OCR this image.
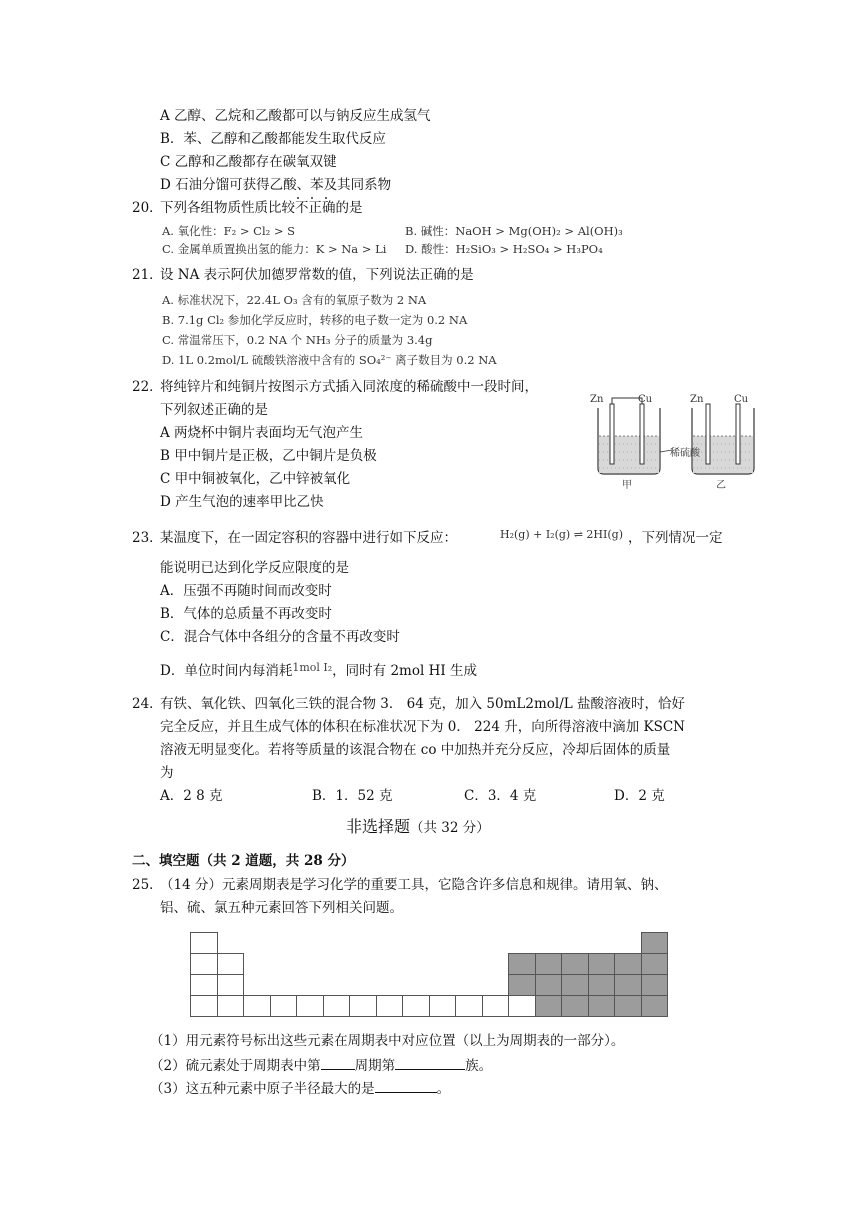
A 乙醇、乙烷和乙酸都可以与钠反应生成氢气
B．苯、乙醇和乙酸都能发生取代反应
C 乙醇和乙酸都存在碳氧双键
D 石油分馏可获得乙酸、苯及其同系物
20．
下列各组物质性质比较不正确的是
A. 氧化性：F₂ > Cl₂ > S	B. 碱性：NaOH > Mg(OH)₂ > Al(OH)₃
C. 金属单质置换出氢的能力：K > Na > Li D. 酸性：H₂SiO₃ > H₂SO₄ > H₃PO₄
21．
设 NA 表示阿伏加德罗常数的值，下列说法正确的是
A. 标准状况下，22.4L O₃ 含有的氧原子数为 2 NA
B. 7.1g Cl₂ 参加化学反应时，转移的电子数一定为 0.2 NA
C. 常温常压下，0.2 NA 个 NH₃ 分子的质量为 3.4g
D. 1L 0.2mol/L 硫酸铁溶液中含有的 SO₄²⁻ 离子数目为 0.2 NA
22．
将纯锌片和纯铜片按图示方式插入同浓度的稀硫酸中一段时间，
下列叙述正确的是
A 两烧杯中铜片表面均无气泡产生
B 甲中铜片是正极，乙中铜片是负极
C 甲中铜被氧化，乙中锌被氧化
D 产生气泡的速率甲比乙快
Zn	Cu	Zn	Cu
稀硫酸
甲	乙
23．
某温度下，在一固定容积的容器中进行如下反应：	H₂(g) + I₂(g) ⇌ 2HI(g) ，下列情况一定
能说明已达到化学反应限度的是
A．压强不再随时间而改变时
B．气体的总质量不再改变时
C．混合气体中各组分的含量不再改变时
D．单位时间内每消耗$^{1mol I_2}$，同时有 2mol HI 生成
24．
有铁、氧化铁、四氧化三铁的混合物 3． 64 克，加入 50mL2mol/L 盐酸溶液时，恰好
完全反应，并且生成气体的体积在标准状况下为 0． 224 升，向所得溶液中滴加 KSCN
溶液无明显变化。若将等质量的该混合物在 co 中加热并充分反应，冷却后固体的质量
为
A．2 8 克	B．1．52 克	C．3．4 克	D．2 克
非选择题（共 32 分）
二、填空题（共 2 道题，共 28 分）
25．
（14 分）元素周期表是学习化学的重要工具，它隐含许多信息和规律。请用氧、钠、
铝、硫、氯五种元素回答下列相关问题。
（1）用元素符号标出这些元素在周期表中对应位置（以上为周期表的一部分）。
（2）硫元素处于周期表中第	周期第	族。
（3）这五种元素中原子半径最大的是	。
